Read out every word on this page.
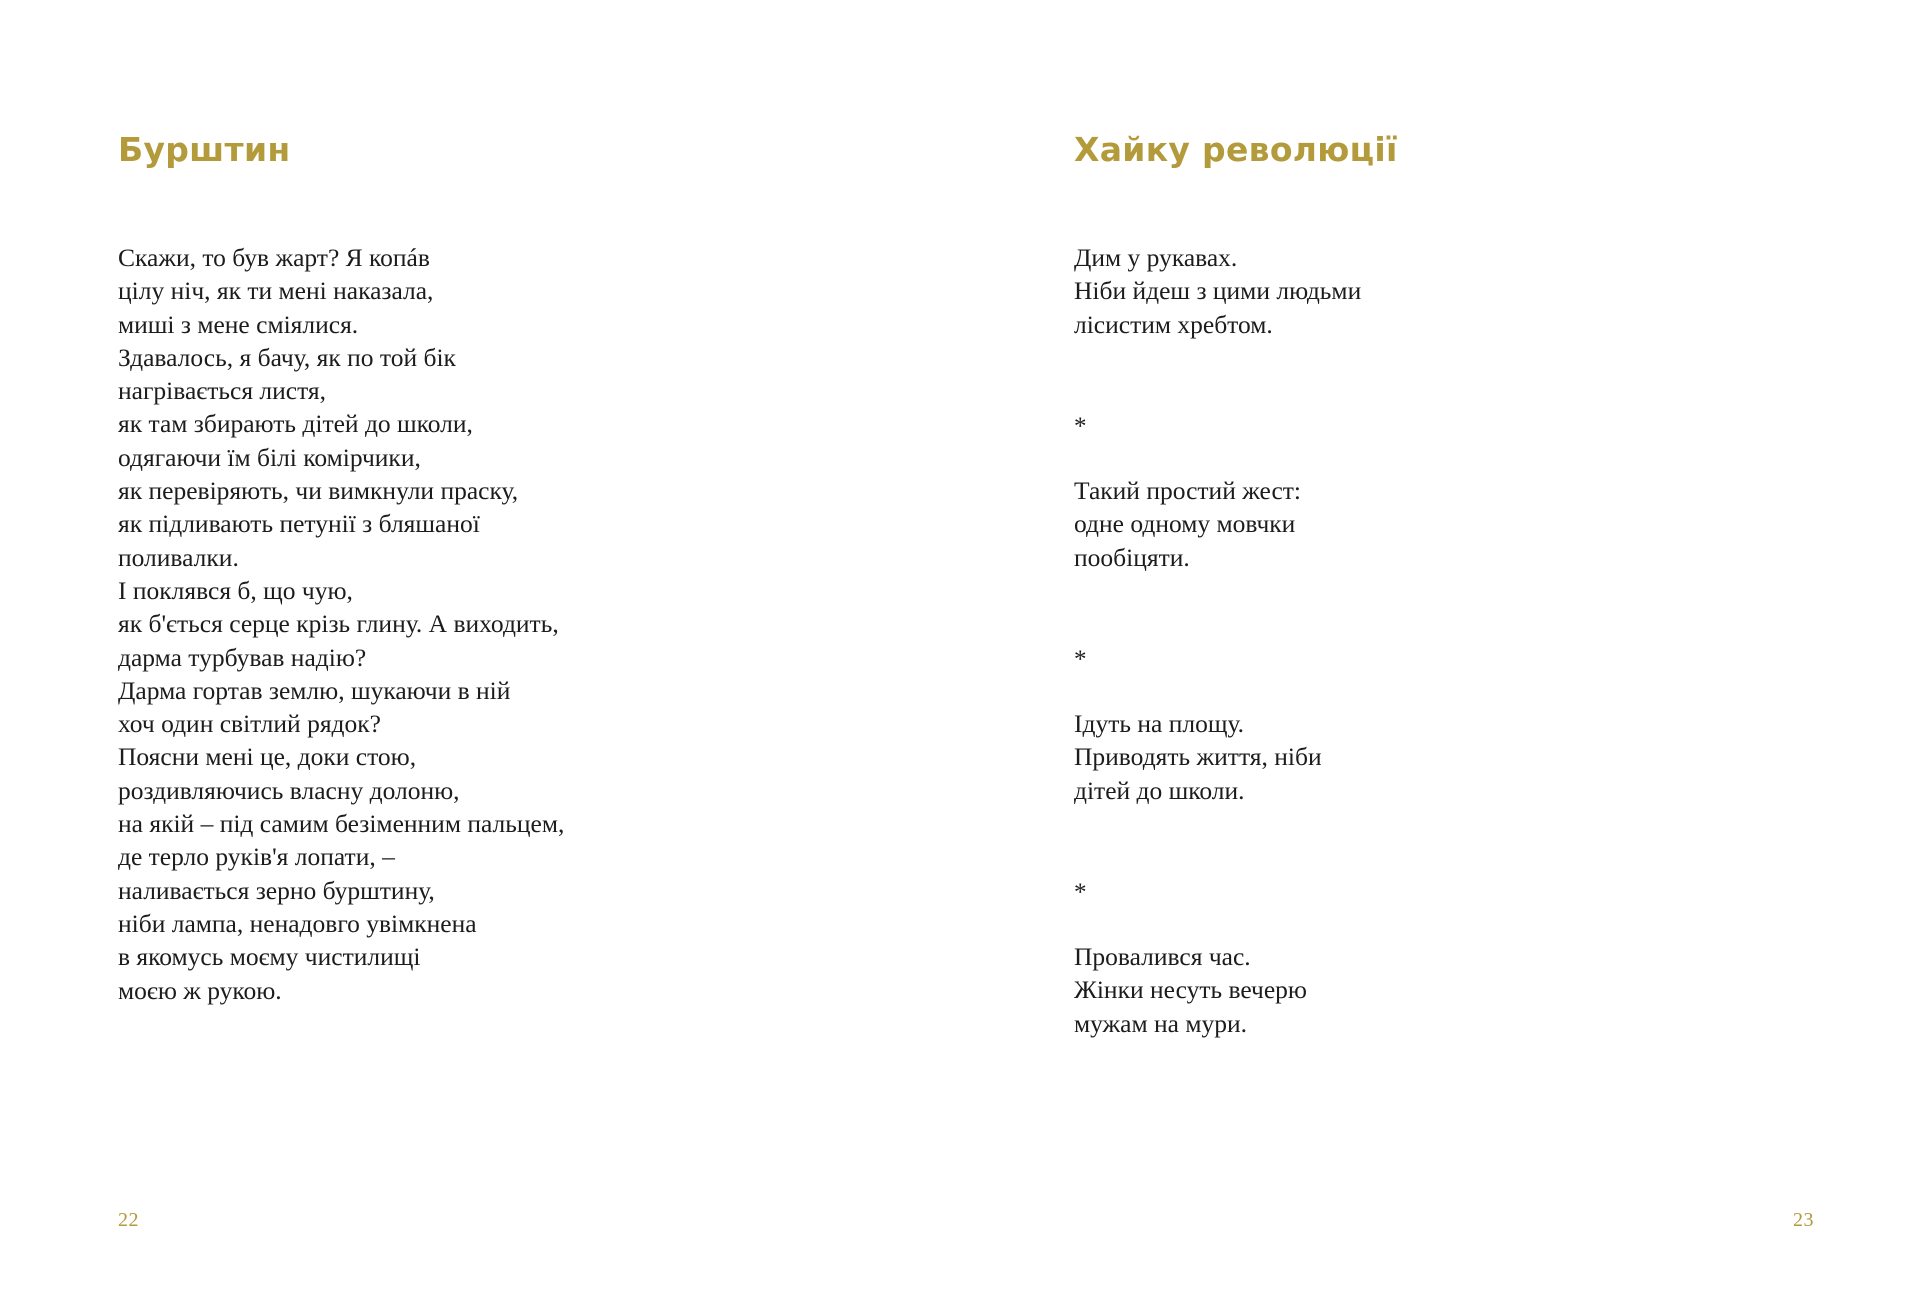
Бурштин
Скажи, то був жарт? Я копáв
цілу ніч, як ти мені наказала,
миші з мене сміялися.
Здавалось, я бачу, як по той бік
нагрівається листя,
як там збирають дітей до школи,
одягаючи їм білі комірчики,
як перевіряють, чи вимкнули праску,
як підливають петунії з бляшаної
поливалки.
І поклявся б, що чую,
як б'ється серце крізь глину. А виходить,
дарма турбував надію?
Дарма гортав землю, шукаючи в ній
хоч один світлий рядок?
Поясни мені це, доки стою,
роздивляючись власну долоню,
на якій – під самим безіменним пальцем,
де терло руків'я лопати, –
наливається зерно бурштину,
ніби лампа, ненадовго увімкнена
в якомусь моєму чистилищі
моєю ж рукою.
22
Хайку революції
Дим у рукавах.
Ніби йдеш з цими людьми
лісистим хребтом.
*
Такий простий жест:
одне одному мовчки
пообіцяти.
*
Ідуть на площу.
Приводять життя, ніби
дітей до школи.
*
Провалився час.
Жінки несуть вечерю
мужам на мури.
23
